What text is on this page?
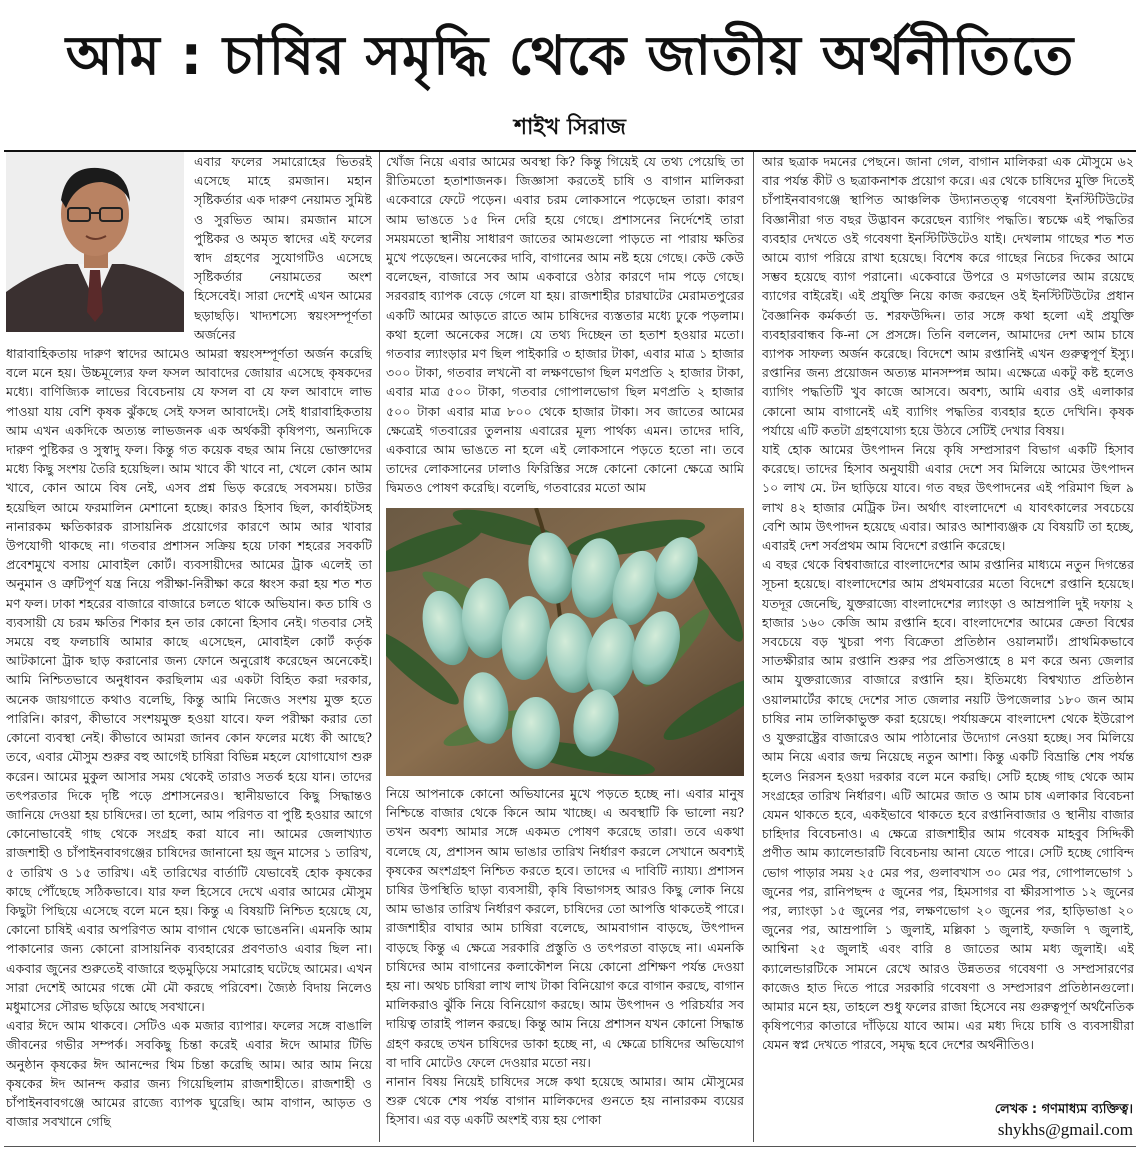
আম : চাষির সমৃদ্ধি থেকে জাতীয় অর্থনীতিতে
শাইখ সিরাজ

এবার ফলের সমারোহের ভিতরই এসেছে মাহে রমজান। মহান সৃষ্টিকর্তার এক দারুণ নেয়ামত সুমিষ্ট ও সুরভিত আম। রমজান মাসে পুষ্টিকর ও অমৃত স্বাদের এই ফলের স্বাদ গ্রহণের সুযোগটিও এসেছে সৃষ্টিকর্তার নেয়ামতের অংশ হিসেবেই। সারা দেশেই এখন আমের ছড়াছড়ি। খাদ্যশস্যে স্বয়ংসম্পূর্ণতা অর্জনের

ধারাবাহিকতায় দারুণ স্বাদের আমেও আমরা স্বয়ংসম্পূর্ণতা অর্জন করেছি বলে মনে হয়। উচ্চমূল্যের ফল ফসল আবাদের জোয়ার এসেছে কৃষকদের মধ্যে। বাণিজ্যিক লাভের বিবেচনায় যে ফসল বা যে ফল আবাদে লাভ পাওয়া যায় বেশি কৃষক ঝুঁকছে সেই ফসল আবাদেই। সেই ধারাবাহিকতায় আম এখন একদিকে অত্যন্ত লাভজনক এক অর্থকরী কৃষিপণ্য, অন্যদিকে দারুণ পুষ্টিকর ও সুস্বাদু ফল। কিন্তু গত কয়েক বছর আম নিয়ে ভোক্তাদের মধ্যে কিছু সংশয় তৈরি হয়েছিল। আম খাবে কী খাবে না, খেলে কোন আম খাবে, কোন আমে বিষ নেই, এসব প্রশ্ন ভিড় করেছে সবসময়। চাউর হয়েছিল আমে ফরমালিন মেশানো হচ্ছে। কারও হিসাব ছিল, কার্বাইটসহ নানারকম ক্ষতিকারক রাসায়নিক প্রয়োগের কারণে আম আর খাবার উপযোগী থাকছে না। গতবার প্রশাসন সক্রিয় হয়ে ঢাকা শহরের সবকটি প্রবেশমুখে বসায় মোবাইল কোর্ট। ব্যবসায়ীদের আমের ট্রাক এলেই তা অনুমান ও ত্রুটিপূর্ণ যন্ত্র নিয়ে পরীক্ষা-নিরীক্ষা করে ধ্বংস করা হয় শত শত মণ ফল। ঢাকা শহরের বাজারে বাজারে চলতে থাকে অভিযান। কত চাষি ও ব্যবসায়ী যে চরম ক্ষতির শিকার হন তার কোনো হিসাব নেই। গতবার সেই সময়ে বহু ফলচাষি আমার কাছে এসেছেন, মোবাইল কোর্ট কর্তৃক আটকানো ট্রাক ছাড় করানোর জন্য ফোনে অনুরোধ করেছেন অনেকেই। আমি নিশ্চিতভাবে অনুধাবন করছিলাম এর একটা বিহিত করা দরকার, অনেক জায়গাতে কথাও বলেছি, কিন্তু আমি নিজেও সংশয় মুক্ত হতে পারিনি। কারণ, কীভাবে সংশয়মুক্ত হওয়া যাবে। ফল পরীক্ষা করার তো কোনো ব্যবস্থা নেই। কীভাবে আমরা জানব কোন ফলের মধ্যে কী আছে? তবে, এবার মৌসুম শুরুর বহু আগেই চাষিরা বিভিন্ন মহলে যোগাযোগ শুরু করেন। আমের মুকুল আসার সময় থেকেই তারাও সতর্ক হয়ে যান। তাদের তৎপরতার দিকে দৃষ্টি পড়ে প্রশাসনেরও। স্থানীয়ভাবে কিছু সিদ্ধান্তও জানিয়ে দেওয়া হয় চাষিদের। তা হলো, আম পরিণত বা পুষ্টি হওয়ার আগে কোনোভাবেই গাছ থেকে সংগ্রহ করা যাবে না। আমের জেলাখ্যাত রাজশাহী ও চাঁপাইনবাবগঞ্জের চাষিদের জানানো হয় জুন মাসের ১ তারিখ, ৫ তারিখ ও ১৫ তারিখ। এই তারিখের বার্তাটি যেভাবেই হোক কৃষকের কাছে পৌঁছেছে সঠিকভাবে। যার ফল হিসেবে দেখে এবার আমের মৌসুম কিছুটা পিছিয়ে এসেছে বলে মনে হয়। কিন্তু এ বিষয়টি নিশ্চিত হয়েছে যে, কোনো চাষিই এবার অপরিণত আম বাগান থেকে ভাঙেননি। এমনকি আম পাকানোর জন্য কোনো রাসায়নিক ব্যবহারের প্রবণতাও এবার ছিল না। একবার জুনের শুরুতেই বাজারে হুড়মুড়িয়ে সমারোহ ঘটেছে আমের। এখন সারা দেশেই আমের গন্ধে মৌ মৌ করছে পরিবেশ। জ্যৈষ্ঠ বিদায় নিলেও মধুমাসের সৌরভ ছড়িয়ে আছে সবখানে।

এবার ঈদে আম থাকবে। সেটিও এক মজার ব্যাপার। ফলের সঙ্গে বাঙালি জীবনের গভীর সম্পর্ক। সবকিছু চিন্তা করেই এবার ঈদে আমার টিভি অনুষ্ঠান কৃষকের ঈদ আনন্দের থিম চিন্তা করেছি আম। আর আম নিয়ে কৃষকের ঈদ আনন্দ করার জন্য গিয়েছিলাম রাজশাহীতে। রাজশাহী ও চাঁপাইনবাবগঞ্জে আমের রাজ্যে ব্যাপক ঘুরেছি। আম বাগান, আড়ত ও বাজার সবখানে গেছি

খোঁজ নিয়ে এবার আমের অবস্থা কি? কিন্তু গিয়েই যে তথ্য পেয়েছি তা রীতিমতো হতাশাজনক। জিজ্ঞাসা করতেই চাষি ও বাগান মালিকরা একেবারে ফেটে পড়েন। এবার চরম লোকসানে পড়েছেন তারা। কারণ আম ভাঙতে ১৫ দিন দেরি হয়ে গেছে। প্রশাসনের নির্দেশেই তারা সময়মতো স্থানীয় সাধারণ জাতের আমগুলো পাড়তে না পারায় ক্ষতির মুখে পড়েছেন। অনেকের দাবি, বাগানের আম নষ্ট হয়ে গেছে। কেউ কেউ বলেছেন, বাজারে সব আম একবারে ওঠার কারণে দাম পড়ে গেছে। সরবরাহ ব্যাপক বেড়ে গেলে যা হয়। রাজশাহীর চারঘাটের মেরামতপুরের একটি আমের আড়তে রাতে আম চাষিদের ব্যস্ততার মধ্যে ঢুকে পড়লাম। কথা হলো অনেকের সঙ্গে। যে তথ্য দিচ্ছেন তা হতাশ হওয়ার মতো। গতবার ল্যাংড়ার মণ ছিল পাইকারি ৩ হাজার টাকা, এবার মাত্র ১ হাজার ৩০০ টাকা, গতবার লখনৌ বা লক্ষণভোগ ছিল মণপ্রতি ২ হাজার টাকা, এবার মাত্র ৫০০ টাকা, গতবার গোপালভোগ ছিল মণপ্রতি ২ হাজার ৫০০ টাকা এবার মাত্র ৮০০ থেকে হাজার টাকা। সব জাতের আমের ক্ষেত্রেই গতবারের তুলনায় এবারের মূল্য পার্থক্য এমন। তাদের দাবি, একবারে আম ভাঙতে না হলে এই লোকসানে পড়তে হতো না। তবে তাদের লোকসানের ঢালাও ফিরিস্তির সঙ্গে কোনো কোনো ক্ষেত্রে আমি দ্বিমতও পোষণ করেছি। বলেছি, গতবারের মতো আম

নিয়ে আপনাকে কোনো অভিযানের মুখে পড়তে হচ্ছে না। এবার মানুষ নিশ্চিন্তে বাজার থেকে কিনে আম খাচ্ছে। এ অবস্থাটি কি ভালো নয়? তখন অবশ্য আমার সঙ্গে একমত পোষণ করেছে তারা। তবে একথা বলেছে যে, প্রশাসন আম ভাঙার তারিখ নির্ধারণ করলে সেখানে অবশ্যই কৃষকের অংশগ্রহণ নিশ্চিত করতে হবে। তাদের এ দাবিটি ন্যায্য। প্রশাসন চাষির উপস্থিতি ছাড়া ব্যবসায়ী, কৃষি বিভাগসহ আরও কিছু লোক নিয়ে আম ভাঙার তারিখ নির্ধারণ করলে, চাষিদের তো আপত্তি থাকতেই পারে। রাজশাহীর বাঘার আম চাষিরা বলেছে, আমবাগান বাড়ছে, উৎপাদন বাড়ছে কিন্তু এ ক্ষেত্রে সরকারি প্রস্তুতি ও তৎপরতা বাড়ছে না। এমনকি চাষিদের আম বাগানের কলাকৌশল নিয়ে কোনো প্রশিক্ষণ পর্যন্ত দেওয়া হয় না। অথচ চাষিরা লাখ লাখ টাকা বিনিয়োগ করে বাগান করছে, বাগান মালিকরাও ঝুঁকি নিয়ে বিনিয়োগ করছে। আম উৎপাদন ও পরিচর্যার সব দায়িত্ব তারাই পালন করছে। কিন্তু আম নিয়ে প্রশাসন যখন কোনো সিদ্ধান্ত গ্রহণ করছে তখন চাষিদের ডাকা হচ্ছে না, এ ক্ষেত্রে চাষিদের অভিযোগ বা দাবি মোটেও ফেলে দেওয়ার মতো নয়।

নানান বিষয় নিয়েই চাষিদের সঙ্গে কথা হয়েছে আমার। আম মৌসুমের শুরু থেকে শেষ পর্যন্ত বাগান মালিকদের গুনতে হয় নানারকম ব্যয়ের হিসাব। এর বড় একটি অংশই ব্যয় হয় পোকা

আর ছত্রাক দমনের পেছনে। জানা গেল, বাগান মালিকরা এক মৌসুমে ৬২ বার পর্যন্ত কীট ও ছত্রাকনাশক প্রয়োগ করে। এর থেকে চাষিদের মুক্তি দিতেই চাঁপাইনবাবগঞ্জে স্থাপিত আঞ্চলিক উদ্যানতত্ত্ব গবেষণা ইনস্টিটিউটের বিজ্ঞানীরা গত বছর উদ্ভাবন করেছেন ব্যাগিং পদ্ধতি। স্বচক্ষে এই পদ্ধতির ব্যবহার দেখতে ওই গবেষণা ইনস্টিটিউটেও যাই। দেখলাম গাছের শত শত আমে ব্যাগ পরিয়ে রাখা হয়েছে। বিশেষ করে গাছের নিচের দিকের আমে সম্ভব হয়েছে ব্যাগ পরানো। একেবারে উপরে ও মগডালের আম রয়েছে ব্যাগের বাইরেই। এই প্রযুক্তি নিয়ে কাজ করছেন ওই ইনস্টিটিউটের প্রধান বৈজ্ঞানিক কর্মকর্তা ড. শরফউদ্দিন। তার সঙ্গে কথা হলো এই প্রযুক্তি ব্যবহারবান্ধব কি-না সে প্রসঙ্গে। তিনি বললেন, আমাদের দেশ আম চাষে ব্যাপক সাফল্য অর্জন করেছে। বিদেশে আম রপ্তানিই এখন গুরুত্বপূর্ণ ইস্যু। রপ্তানির জন্য প্রয়োজন অত্যন্ত মানসম্পন্ন আম। এক্ষেত্রে একটু কষ্ট হলেও ব্যাগিং পদ্ধতিটি খুব কাজে আসবে। অবশ্য, আমি এবার ওই এলাকার কোনো আম বাগানেই এই ব্যাগিং পদ্ধতির ব্যবহার হতে দেখিনি। কৃষক পর্যায়ে এটি কতটা গ্রহণযোগ্য হয়ে উঠবে সেটিই দেখার বিষয়।

যাই হোক আমের উৎপাদন নিয়ে কৃষি সম্প্রসারণ বিভাগ একটি হিসাব করেছে। তাদের হিসাব অনুযায়ী এবার দেশে সব মিলিয়ে আমের উৎপাদন ১০ লাখ মে. টন ছাড়িয়ে যাবে। গত বছর উৎপাদনের এই পরিমাণ ছিল ৯ লাখ ৪২ হাজার মেট্রিক টন। অর্থাৎ বাংলাদেশে এ যাবৎকালের সবচেয়ে বেশি আম উৎপাদন হয়েছে এবার। আরও আশাব্যঞ্জক যে বিষয়টি তা হচ্ছে, এবারই দেশ সর্বপ্রথম আম বিদেশে রপ্তানি করেছে।

এ বছর থেকে বিশ্ববাজারে বাংলাদেশের আম রপ্তানির মাধ্যমে নতুন দিগন্তের সূচনা হয়েছে। বাংলাদেশের আম প্রথমবারের মতো বিদেশে রপ্তানি হয়েছে। যতদূর জেনেছি, যুক্তরাজ্যে বাংলাদেশের ল্যাংড়া ও আম্রপালি দুই দফায় ২ হাজার ১৬০ কেজি আম রপ্তানি হবে। বাংলাদেশের আমের ক্রেতা বিশ্বের সবচেয়ে বড় খুচরা পণ্য বিক্রেতা প্রতিষ্ঠান ওয়ালমার্ট। প্রাথমিকভাবে সাতক্ষীরার আম রপ্তানি শুরুর পর প্রতিসপ্তাহে ৪ মণ করে অন্য জেলার আম যুক্তরাজ্যের বাজারে রপ্তানি হয়। ইতিমধ্যে বিশ্বখ্যাত প্রতিষ্ঠান ওয়ালমার্টের কাছে দেশের সাত জেলার নয়টি উপজেলার ১৮০ জন আম চাষির নাম তালিকাভুক্ত করা হয়েছে। পর্যায়ক্রমে বাংলাদেশ থেকে ইউরোপ ও যুক্তরাষ্ট্রের বাজারেও আম পাঠানোর উদ্যোগ নেওয়া হচ্ছে। সব মিলিয়ে আম নিয়ে এবার জন্ম নিয়েছে নতুন আশা। কিন্তু একটি বিভ্রান্তি শেষ পর্যন্ত হলেও নিরসন হওয়া দরকার বলে মনে করছি। সেটি হচ্ছে গাছ থেকে আম সংগ্রহের তারিখ নির্ধারণ। এটি আমের জাত ও আম চাষ এলাকার বিবেচনা যেমন থাকতে হবে, একইভাবে থাকতে হবে রপ্তানিবাজার ও স্থানীয় বাজার চাহিদার বিবেচনাও। এ ক্ষেত্রে রাজশাহীর আম গবেষক মাহবুব সিদ্দিকী প্রণীত আম ক্যালেন্ডারটি বিবেচনায় আনা যেতে পারে। সেটি হচ্ছে গোবিন্দ ভোগ পাড়ার সময় ২৫ মের পর, গুলাবখাস ৩০ মের পর, গোপালভোগ ১ জুনের পর, রানিপছন্দ ৫ জুনের পর, হিমসাগর বা ক্ষীরসাপাত ১২ জুনের পর, ল্যাংড়া ১৫ জুনের পর, লক্ষণভোগ ২০ জুনের পর, হাড়িভাঙা ২০ জুনের পর, আম্রপালি ১ জুলাই, মল্লিকা ১ জুলাই, ফজলি ৭ জুলাই, আশ্বিনা ২৫ জুলাই এবং বারি ৪ জাতের আম মধ্য জুলাই। এই ক্যালেন্ডারটিকে সামনে রেখে আরও উন্নততর গবেষণা ও সম্প্রসারণের কাজেও হাত দিতে পারে সরকারি গবেষণা ও সম্প্রসারণ প্রতিষ্ঠানগুলো। আমার মনে হয়, তাহলে শুধু ফলের রাজা হিসেবে নয় গুরুত্বপূর্ণ অর্থনৈতিক কৃষিপণ্যের কাতারে দাঁড়িয়ে যাবে আম। এর মধ্য দিয়ে চাষি ও ব্যবসায়ীরা যেমন স্বপ্ন দেখতে পারবে, সমৃদ্ধ হবে দেশের অর্থনীতিও।

লেখক : গণমাধ্যম ব্যক্তিত্ব।
shykhs@gmail.com
